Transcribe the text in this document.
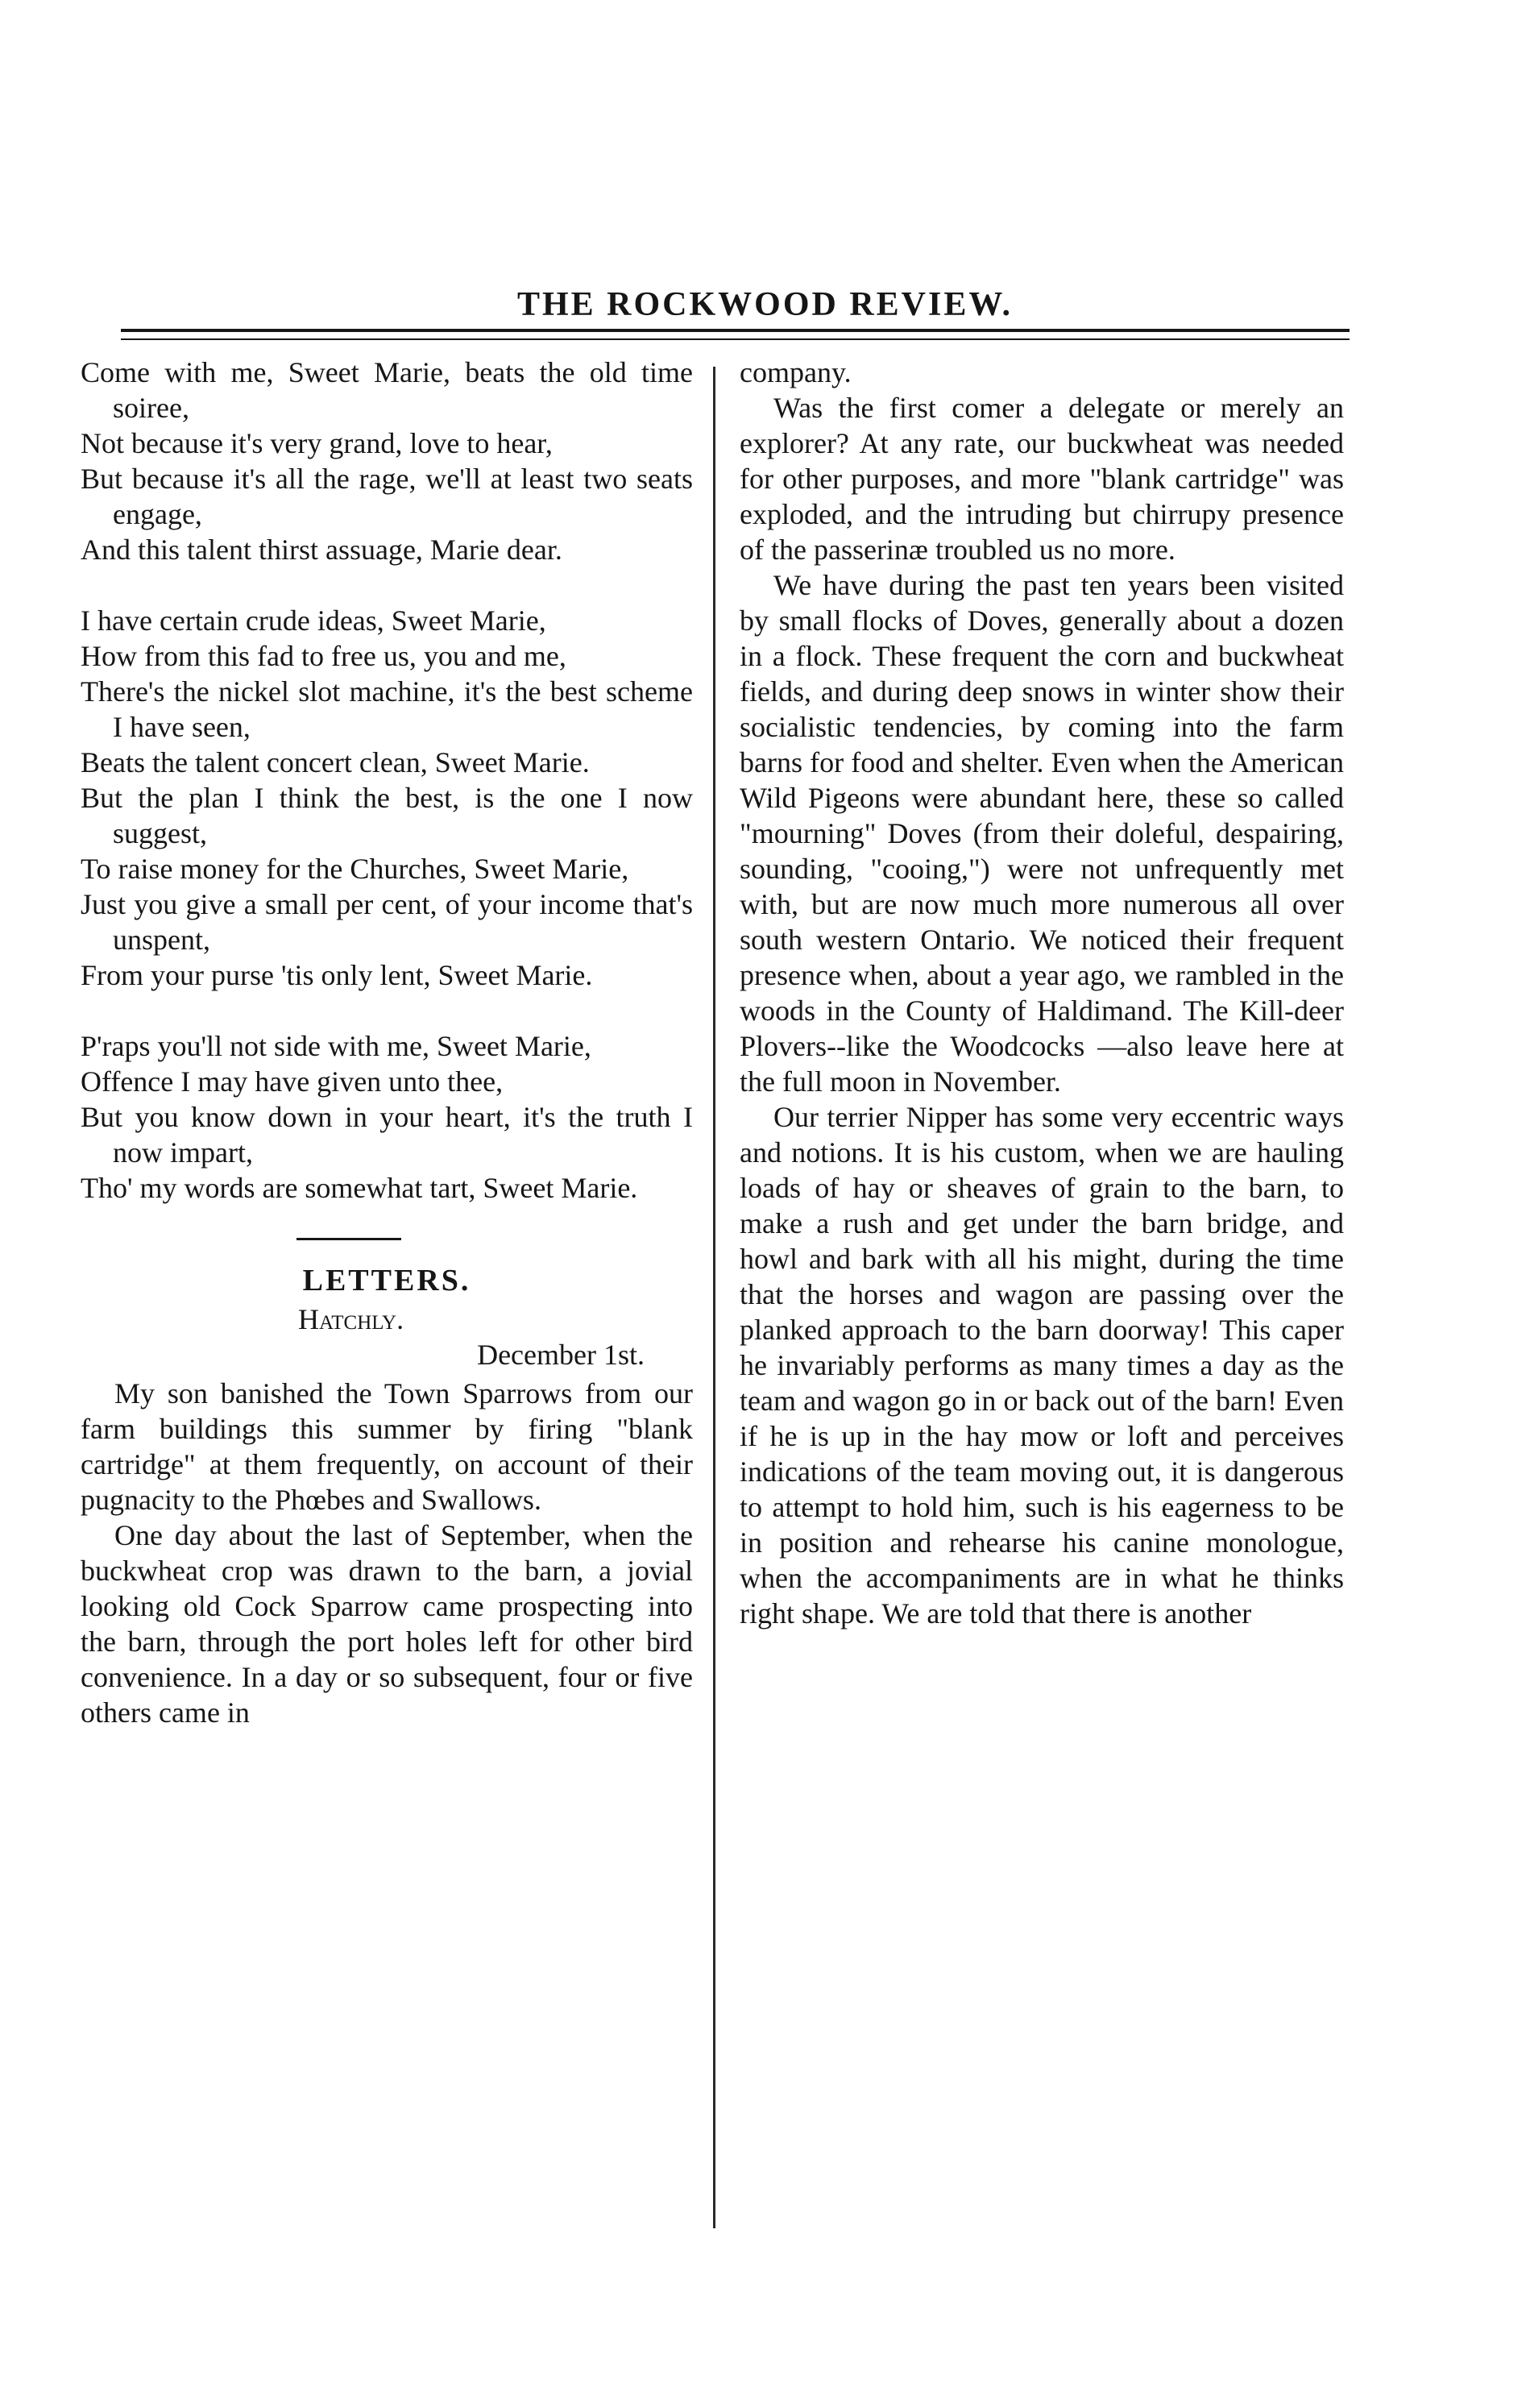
THE ROCKWOOD REVIEW.
Come with me, Sweet Marie, beats the old time soiree,
Not because it's very grand, love to hear,
But because it's all the rage, we'll at least two seats engage,
And this talent thirst assuage, Marie dear.
I have certain crude ideas, Sweet Marie,
How from this fad to free us, you and me,
There's the nickel slot machine, it's the best scheme I have seen,
Beats the talent concert clean, Sweet Marie.
But the plan I think the best, is the one I now suggest,
To raise money for the Churches, Sweet Marie,
Just you give a small per cent, of your income that's unspent,
From your purse 'tis only lent, Sweet Marie.
P'raps you'll not side with me, Sweet Marie,
Offence I may have given unto thee,
But you know down in your heart, it's the truth I now impart,
Tho' my words are somewhat tart, Sweet Marie.
LETTERS.
Hatchly.
December 1st.

My son banished the Town Sparrows from our farm buildings this summer by firing "blank cartridge" at them frequently, on account of their pugnacity to the Phœbes and Swallows.

One day about the last of September, when the buckwheat crop was drawn to the barn, a jovial looking old Cock Sparrow came prospecting into the barn, through the port holes left for other bird convenience. In a day or so subsequent, four or five others came in

company.

Was the first comer a delegate or merely an explorer? At any rate, our buckwheat was needed for other purposes, and more "blank cartridge" was exploded, and the intruding but chirrupy presence of the passerinæ troubled us no more.

We have during the past ten years been visited by small flocks of Doves, generally about a dozen in a flock. These frequent the corn and buckwheat fields, and during deep snows in winter show their socialistic tendencies, by coming into the farm barns for food and shelter. Even when the American Wild Pigeons were abundant here, these so called "mourning" Doves (from their doleful, despairing, sounding, "cooing,") were not unfrequently met with, but are now much more numerous all over south western Ontario. We noticed their frequent presence when, about a year ago, we rambled in the woods in the County of Haldimand. The Kill-deer Plovers--like the Woodcocks —also leave here at the full moon in November.

Our terrier Nipper has some very eccentric ways and notions. It is his custom, when we are hauling loads of hay or sheaves of grain to the barn, to make a rush and get under the barn bridge, and howl and bark with all his might, during the time that the horses and wagon are passing over the planked approach to the barn doorway! This caper he invariably performs as many times a day as the team and wagon go in or back out of the barn! Even if he is up in the hay mow or loft and perceives indications of the team moving out, it is dangerous to attempt to hold him, such is his eagerness to be in position and rehearse his canine monologue, when the accompaniments are in what he thinks right shape. We are told that there is another
